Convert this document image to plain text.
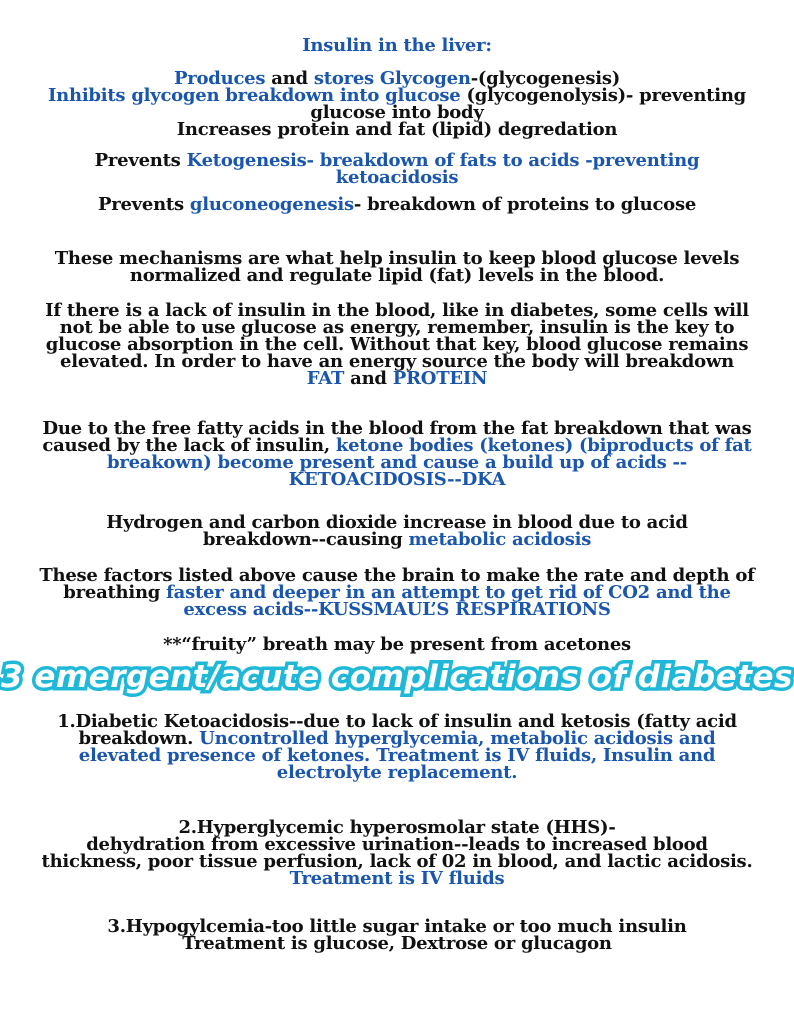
Insulin in the liver:
Produces and stores Glycogen-(glycogenesis)
Inhibits glycogen breakdown into glucose (glycogenolysis)- preventing
glucose into body
Increases protein and fat (lipid) degredation
Prevents Ketogenesis- breakdown of fats to acids -preventing
ketoacidosis
Prevents gluconeogenesis- breakdown of proteins to glucose
These mechanisms are what help insulin to keep blood glucose levels
normalized and regulate lipid (fat) levels in the blood.
If there is a lack of insulin in the blood, like in diabetes, some cells will
not be able to use glucose as energy, remember, insulin is the key to
glucose absorption in the cell. Without that key, blood glucose remains
elevated. In order to have an energy source the body will breakdown
FAT and PROTEIN
Due to the free fatty acids in the blood from the fat breakdown that was
caused by the lack of insulin, ketone bodies (ketones) (biproducts of fat
breakown) become present and cause a build up of acids --
KETOACIDOSIS--DKA
Hydrogen and carbon dioxide increase in blood due to acid
breakdown--causing metabolic acidosis
These factors listed above cause the brain to make the rate and depth of
breathing faster and deeper in an attempt to get rid of CO2 and the
excess acids--KUSSMAUL’S RESPIRATIONS
**“fruity” breath may be present from acetones
3 emergent/acute complications of diabetes
1.Diabetic Ketoacidosis--due to lack of insulin and ketosis (fatty acid
breakdown. Uncontrolled hyperglycemia, metabolic acidosis and
elevated presence of ketones. Treatment is IV fluids, Insulin and
electrolyte replacement.
2.Hyperglycemic hyperosmolar state (HHS)-
dehydration from excessive urination--leads to increased blood
thickness, poor tissue perfusion, lack of 02 in blood, and lactic acidosis.
Treatment is IV fluids
3.Hypogylcemia-too little sugar intake or too much insulin
Treatment is glucose, Dextrose or glucagon
